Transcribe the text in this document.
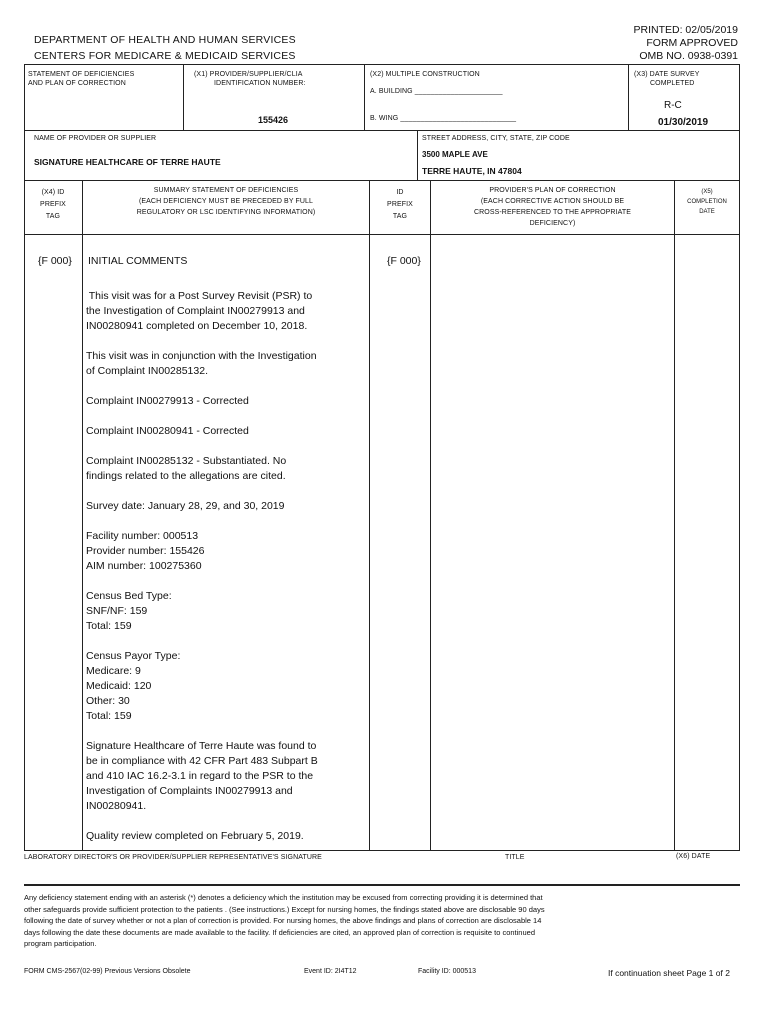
DEPARTMENT OF HEALTH AND HUMAN SERVICES
CENTERS FOR MEDICARE & MEDICAID SERVICES
PRINTED: 02/05/2019
FORM APPROVED
OMB NO. 0938-0391
STATEMENT OF DEFICIENCIES
AND PLAN OF CORRECTION
(X1) PROVIDER/SUPPLIER/CLIA
IDENTIFICATION NUMBER:
155426
(X2) MULTIPLE CONSTRUCTION
A. BUILDING ______________________
B. WING _____________________________
(X3) DATE SURVEY
COMPLETED
R-C
01/30/2019
NAME OF PROVIDER OR SUPPLIER
SIGNATURE HEALTHCARE OF TERRE HAUTE
STREET ADDRESS, CITY, STATE, ZIP CODE
3500 MAPLE AVE
TERRE HAUTE, IN 47804
(X4) ID
PREFIX
TAG
SUMMARY STATEMENT OF DEFICIENCIES
(EACH DEFICIENCY MUST BE PRECEDED BY FULL
REGULATORY OR LSC IDENTIFYING INFORMATION)
ID
PREFIX
TAG
PROVIDER'S PLAN OF CORRECTION
(EACH CORRECTIVE ACTION SHOULD BE
CROSS-REFERENCED TO THE APPROPRIATE
DEFICIENCY)
(X5)
COMPLETION
DATE
{F 000} INITIAL COMMENTS	{F 000}
This visit was for a Post Survey Revisit (PSR) to
the Investigation of Complaint IN00279913 and
IN00280941 completed on December 10, 2018.
This visit was in conjunction with the Investigation
of Complaint IN00285132.
Complaint IN00279913 - Corrected
Complaint IN00280941 - Corrected
Complaint IN00285132 - Substantiated. No
findings related to the allegations are cited.
Survey date: January 28, 29, and 30, 2019
Facility number: 000513
Provider number: 155426
AIM number: 100275360
Census Bed Type:
SNF/NF: 159
Total: 159
Census Payor Type:
Medicare: 9
Medicaid: 120
Other: 30
Total: 159
Signature Healthcare of Terre Haute was found to
be in compliance with 42 CFR Part 483 Subpart B
and 410 IAC 16.2-3.1 in regard to the PSR to the
Investigation of Complaints IN00279913 and
IN00280941.
Quality review completed on February 5, 2019.
LABORATORY DIRECTOR'S OR PROVIDER/SUPPLIER REPRESENTATIVE'S SIGNATURE	TITLE	(X6) DATE
Any deficiency statement ending with an asterisk (*) denotes a deficiency which the institution may be excused from correcting providing it is determined that
other safeguards provide sufficient protection to the patients . (See instructions.) Except for nursing homes, the findings stated above are disclosable 90 days
following the date of survey whether or not a plan of correction is provided. For nursing homes, the above findings and plans of correction are disclosable 14
days following the date these documents are made available to the facility. If deficiencies are cited, an approved plan of correction is requisite to continued
program participation.
FORM CMS-2567(02-99) Previous Versions Obsolete	Event ID: 2I4T12	Facility ID: 000513	If continuation sheet Page 1 of 2
